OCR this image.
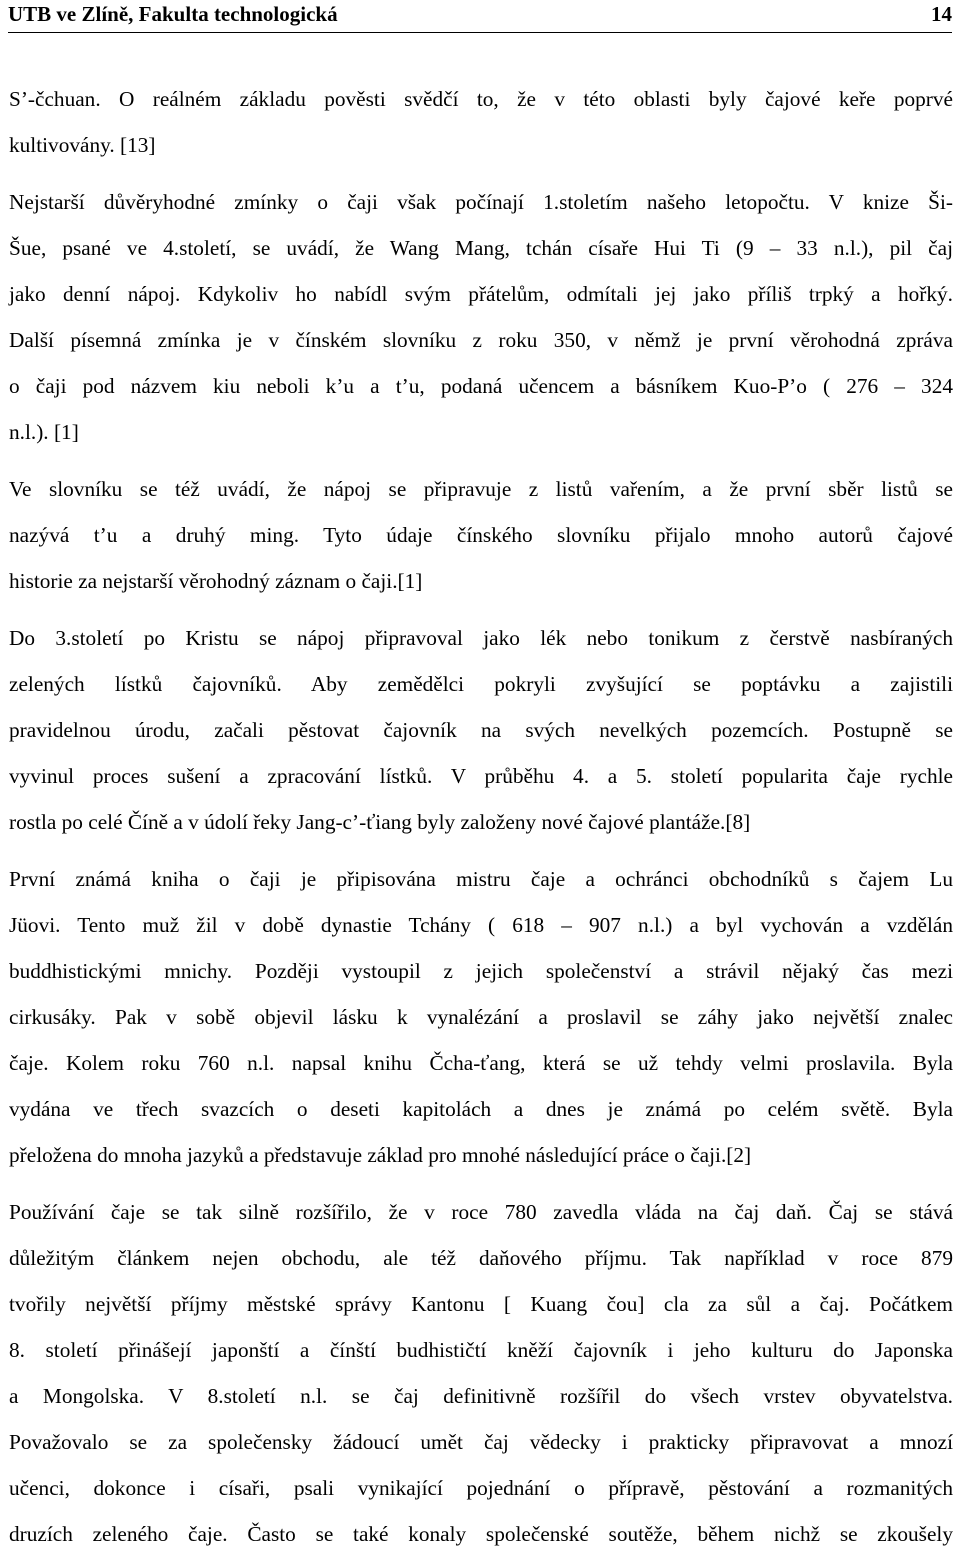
UTB ve Zlíně, Fakulta technologická	14

S’-čchuan. O reálném základu pověsti svědčí to, že v této oblasti byly čajové keře poprvé
kultivovány. [13]

Nejstarší důvěryhodné zmínky o čaji však počínají 1.stoletím našeho letopočtu. V knize Ši-
Šue, psané ve 4.století, se uvádí, že Wang Mang, tchán císaře Hui Ti (9 – 33 n.l.), pil čaj
jako denní nápoj. Kdykoliv ho nabídl svým přátelům, odmítali jej jako příliš trpký a hořký.
Další písemná zmínka je v čínském slovníku z roku 350, v němž je první věrohodná zpráva
o čaji pod názvem kiu neboli k’u a t’u, podaná učencem a básníkem Kuo-P’o ( 276 – 324
n.l.). [1]

Ve slovníku se též uvádí, že nápoj se připravuje z listů vařením, a že první sběr listů se
nazývá t’u a druhý ming. Tyto údaje čínského slovníku přijalo mnoho autorů čajové
historie za nejstarší věrohodný záznam o čaji.[1]

Do 3.století po Kristu se nápoj připravoval jako lék nebo tonikum z čerstvě nasbíraných
zelených lístků čajovníků. Aby zemědělci pokryli zvyšující se poptávku a zajistili
pravidelnou úrodu, začali pěstovat čajovník na svých nevelkých pozemcích. Postupně se
vyvinul proces sušení a zpracování lístků. V průběhu 4. a 5. století popularita čaje rychle
rostla po celé Číně a v údolí řeky Jang-c’-ťiang byly založeny nové čajové plantáže.[8]

První známá kniha o čaji je připisována mistru čaje a ochránci obchodníků s čajem Lu
Jüovi. Tento muž žil v době dynastie Tchány ( 618 – 907 n.l.) a byl vychován a vzdělán
buddhistickými mnichy. Později vystoupil z jejich společenství a strávil nějaký čas mezi
cirkusáky. Pak v sobě objevil lásku k vynalézání a proslavil se záhy jako největší znalec
čaje. Kolem roku 760 n.l. napsal knihu Čcha-ťang, která se už tehdy velmi proslavila. Byla
vydána ve třech svazcích o deseti kapitolách a dnes je známá po celém světě. Byla
přeložena do mnoha jazyků a představuje základ pro mnohé následující práce o čaji.[2]

Používání čaje se tak silně rozšířilo, že v roce 780 zavedla vláda na čaj daň. Čaj se stává
důležitým článkem nejen obchodu, ale též daňového příjmu. Tak například v roce 879
tvořily největší příjmy městské správy Kantonu [ Kuang čou] cla za sůl a čaj. Počátkem
8. století přinášejí japonští a čínští budhističtí kněží čajovník i jeho kulturu do Japonska
a Mongolska. V 8.století n.l. se čaj definitivně rozšířil do všech vrstev obyvatelstva.
Považovalo se za společensky žádoucí umět čaj vědecky i prakticky připravovat a mnozí
učenci, dokonce i císaři, psali vynikající pojednání o přípravě, pěstování a rozmanitých
druzích zeleného čaje. Často se také konaly společenské soutěže, během nichž se zkoušely
